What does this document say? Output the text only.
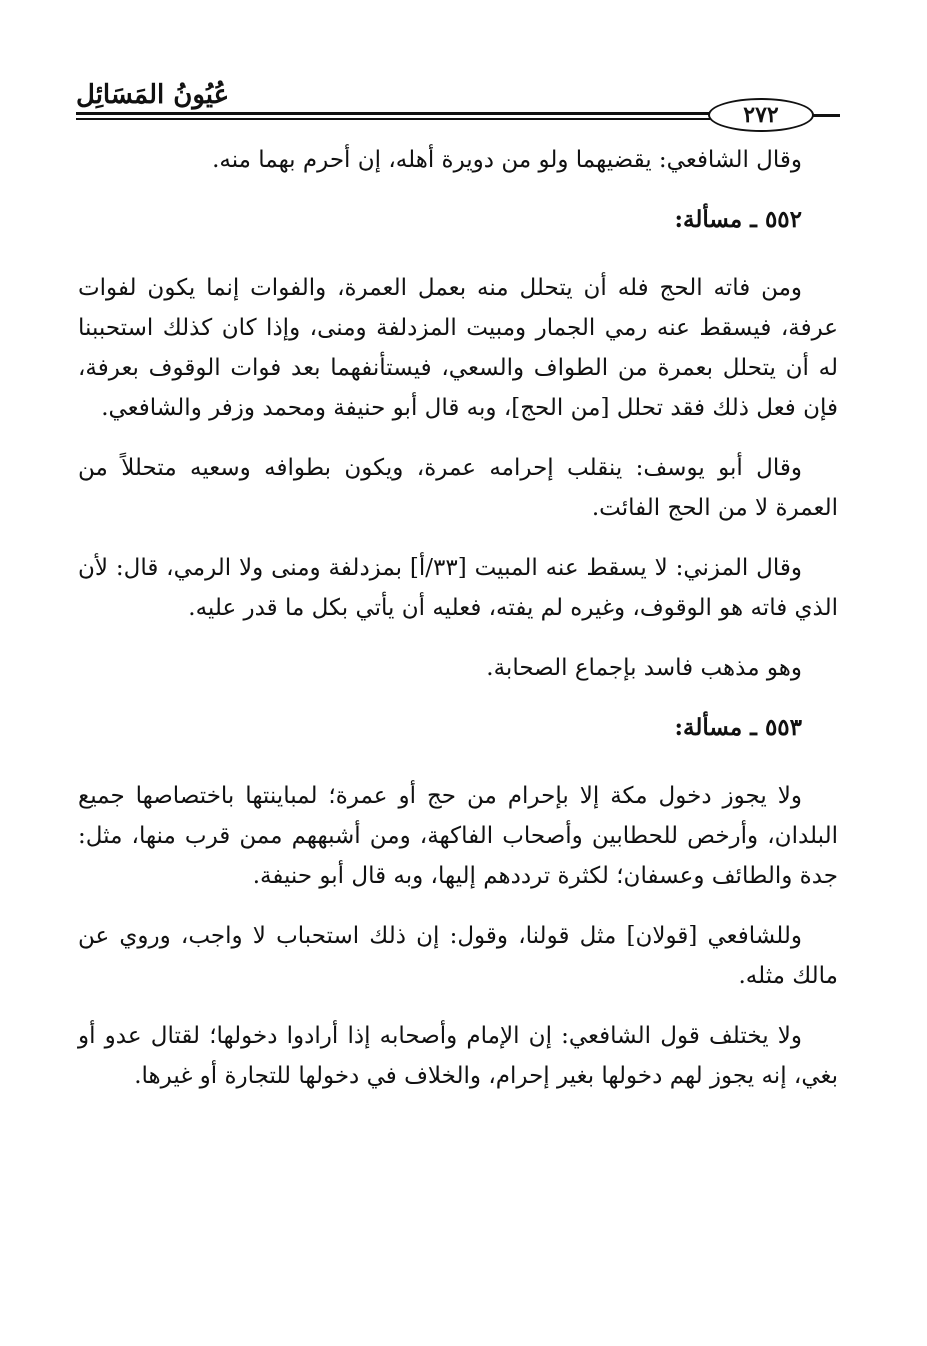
عُيُونُ المَسَائِل
٢٧٢

وقال الشافعي: يقضيهما ولو من دويرة أهله، إن أحرم بهما منه.

٥٥٢ ـ مسألة:

ومن فاته الحج فله أن يتحلل منه بعمل العمرة، والفوات إنما يكون لفوات عرفة، فيسقط عنه رمي الجمار ومبيت المزدلفة ومنى، وإذا كان كذلك استحببنا له أن يتحلل بعمرة من الطواف والسعي، فيستأنفهما بعد فوات الوقوف بعرفة، فإن فعل ذلك فقد تحلل [من الحج]، وبه قال أبو حنيفة ومحمد وزفر والشافعي.

وقال أبو يوسف: ينقلب إحرامه عمرة، ويكون بطوافه وسعيه متحللاً من العمرة لا من الحج الفائت.

وقال المزني: لا يسقط عنه المبيت [٣٣/أ] بمزدلفة ومنى ولا الرمي، قال: لأن الذي فاته هو الوقوف، وغيره لم يفته، فعليه أن يأتي بكل ما قدر عليه.

وهو مذهب فاسد بإجماع الصحابة.

٥٥٣ ـ مسألة:

ولا يجوز دخول مكة إلا بإحرام من حج أو عمرة؛ لمباينتها باختصاصها جميع البلدان، وأرخص للحطابين وأصحاب الفاكهة، ومن أشبههم ممن قرب منها، مثل: جدة والطائف وعسفان؛ لكثرة ترددهم إليها، وبه قال أبو حنيفة.

وللشافعي [قولان] مثل قولنا، وقول: إن ذلك استحباب لا واجب، وروي عن مالك مثله.

ولا يختلف قول الشافعي: إن الإمام وأصحابه إذا أرادوا دخولها؛ لقتال عدو أو بغي، إنه يجوز لهم دخولها بغير إحرام، والخلاف في دخولها للتجارة أو غيرها.
